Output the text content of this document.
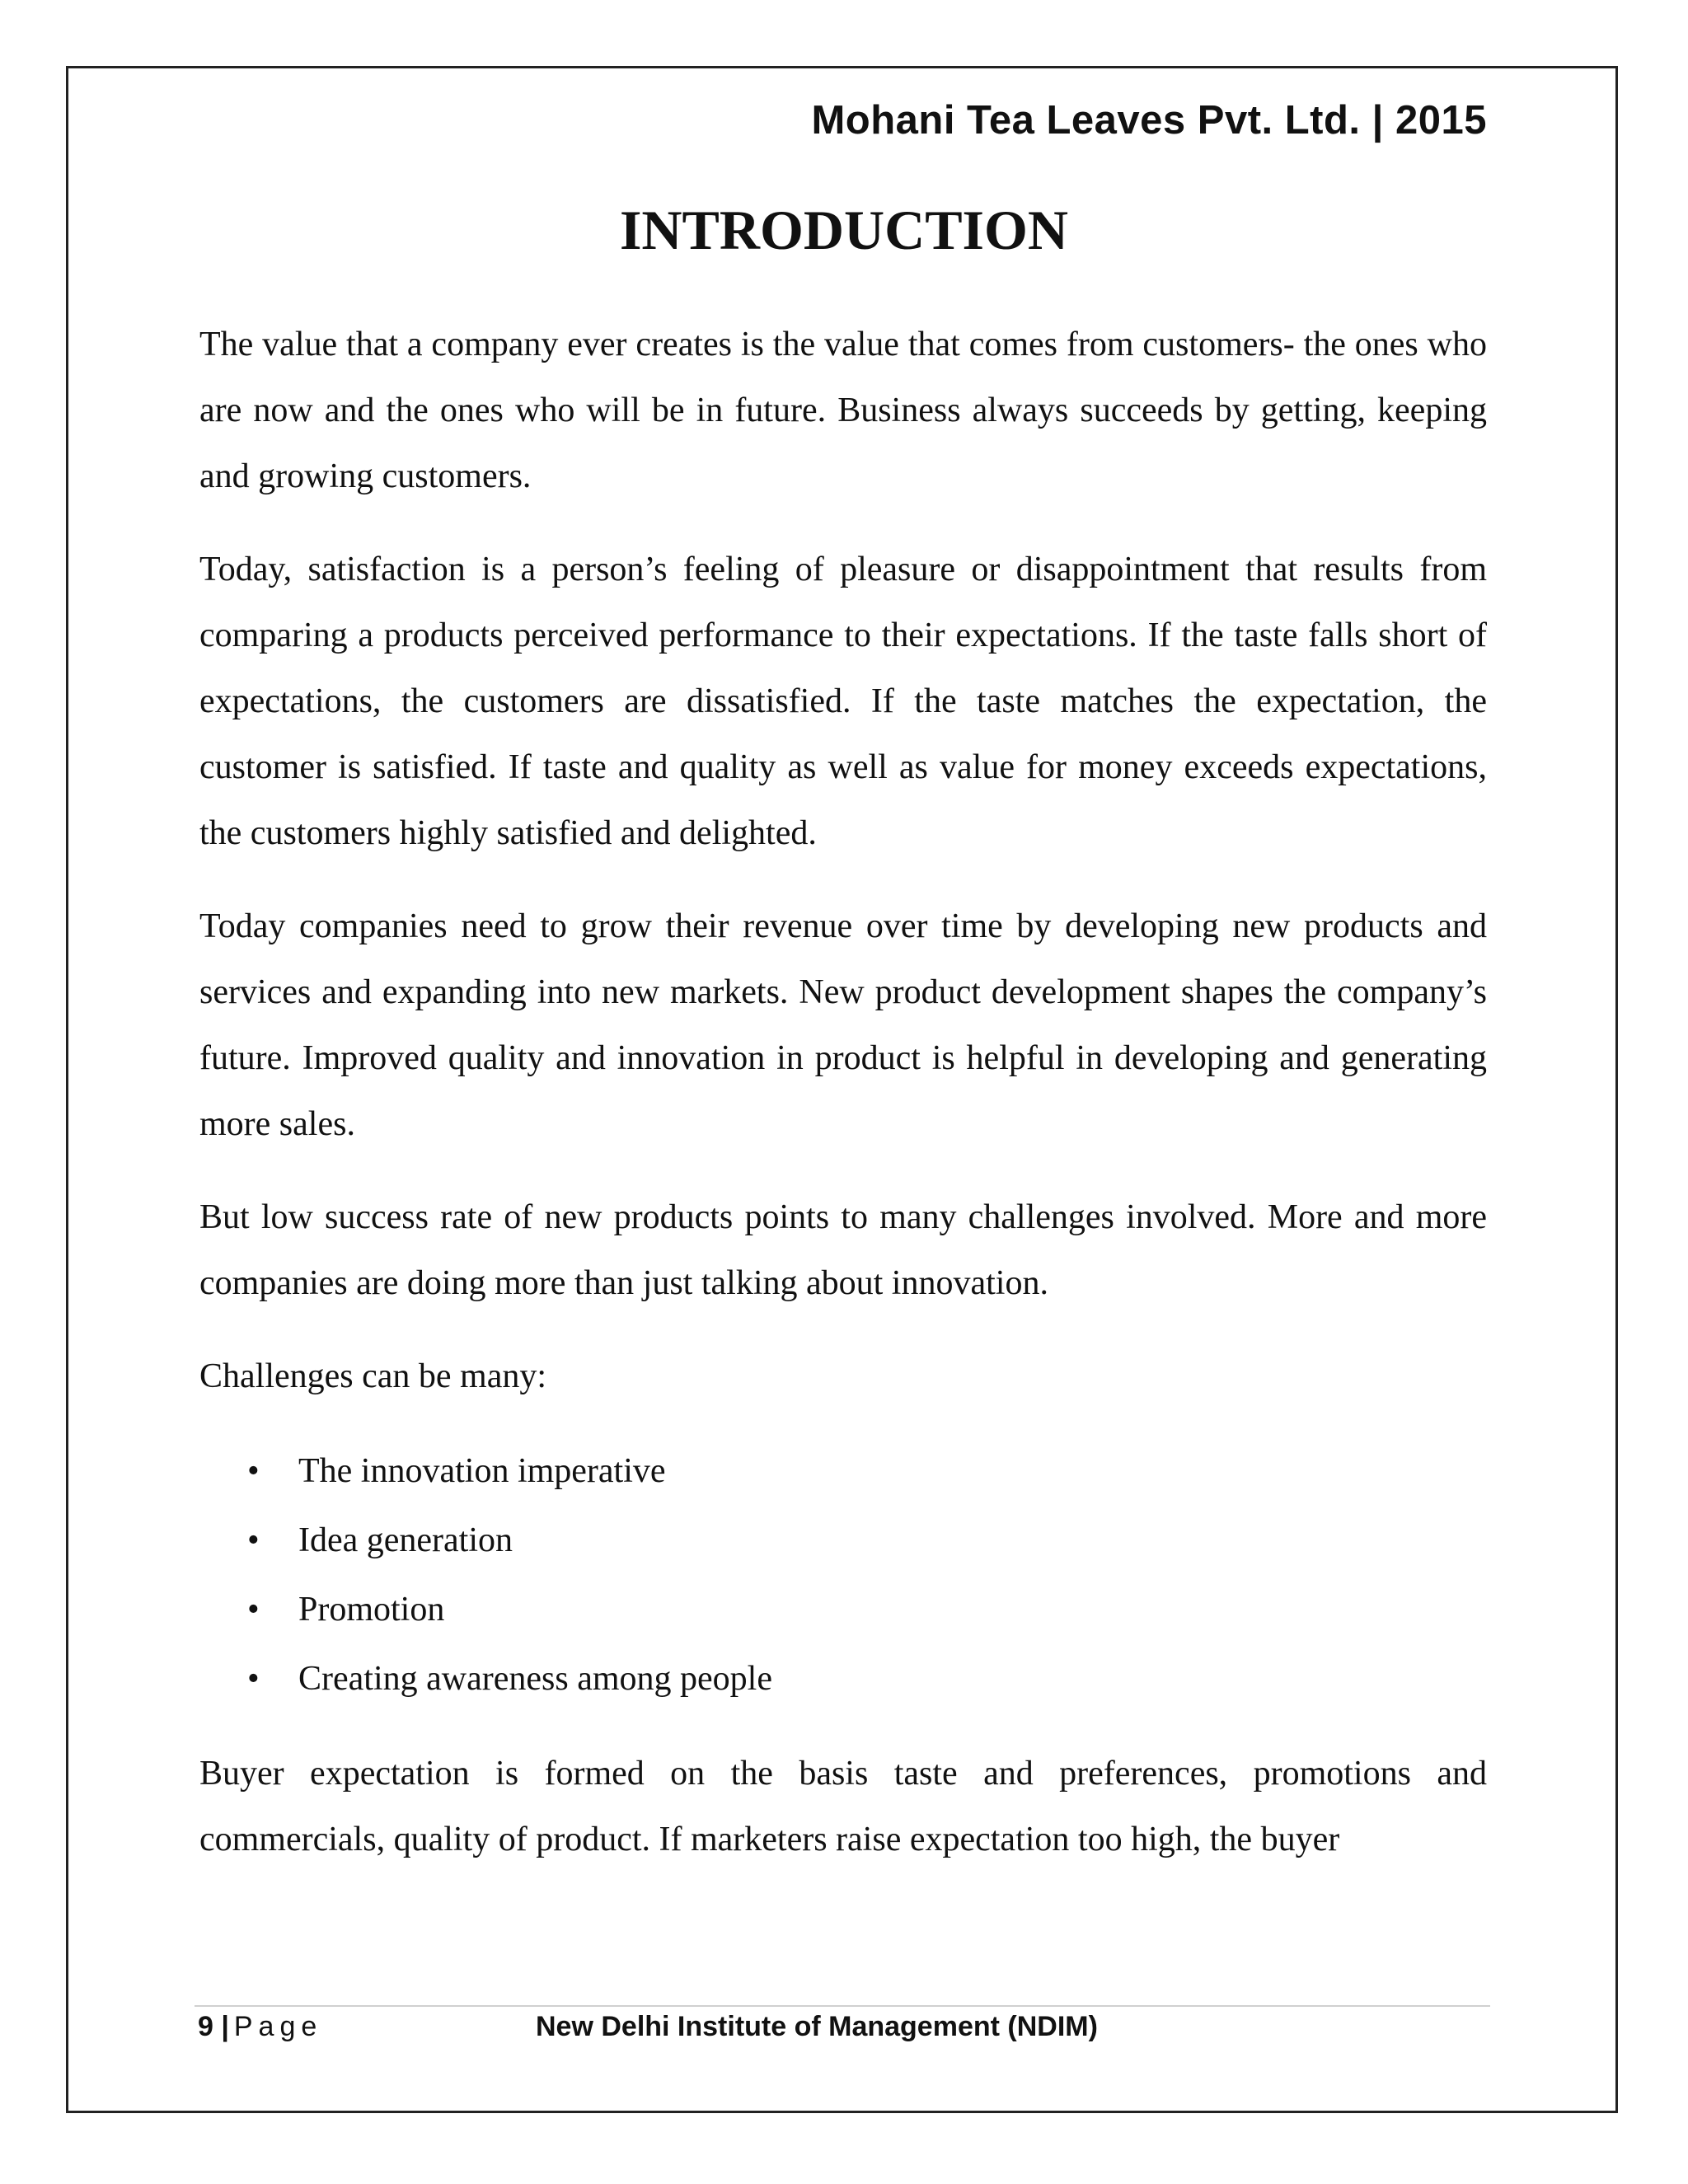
Mohani Tea Leaves Pvt. Ltd. | 2015
INTRODUCTION

The value that a company ever creates is the value that comes from customers- the ones who are now and the ones who will be in future. Business always succeeds by getting, keeping and growing customers.

Today, satisfaction is a person’s feeling of pleasure or disappointment that results from comparing a products perceived performance to their expectations. If the taste falls short of expectations, the customers are dissatisfied. If the taste matches the expectation, the customer is satisfied. If taste and quality as well as value for money exceeds expectations, the customers highly satisfied and delighted.

Today companies need to grow their revenue over time by developing new products and services and expanding into new markets. New product development shapes the company’s future. Improved quality and innovation in product is helpful in developing and generating more sales.

But low success rate of new products points to many challenges involved. More and more companies are doing more than just talking about innovation.

Challenges can be many:

• The innovation imperative
• Idea generation
• Promotion
• Creating awareness among people

Buyer expectation is formed on the basis taste and preferences, promotions and commercials, quality of product. If marketers raise expectation too high, the buyer

9 | Page	New Delhi Institute of Management (NDIM)
